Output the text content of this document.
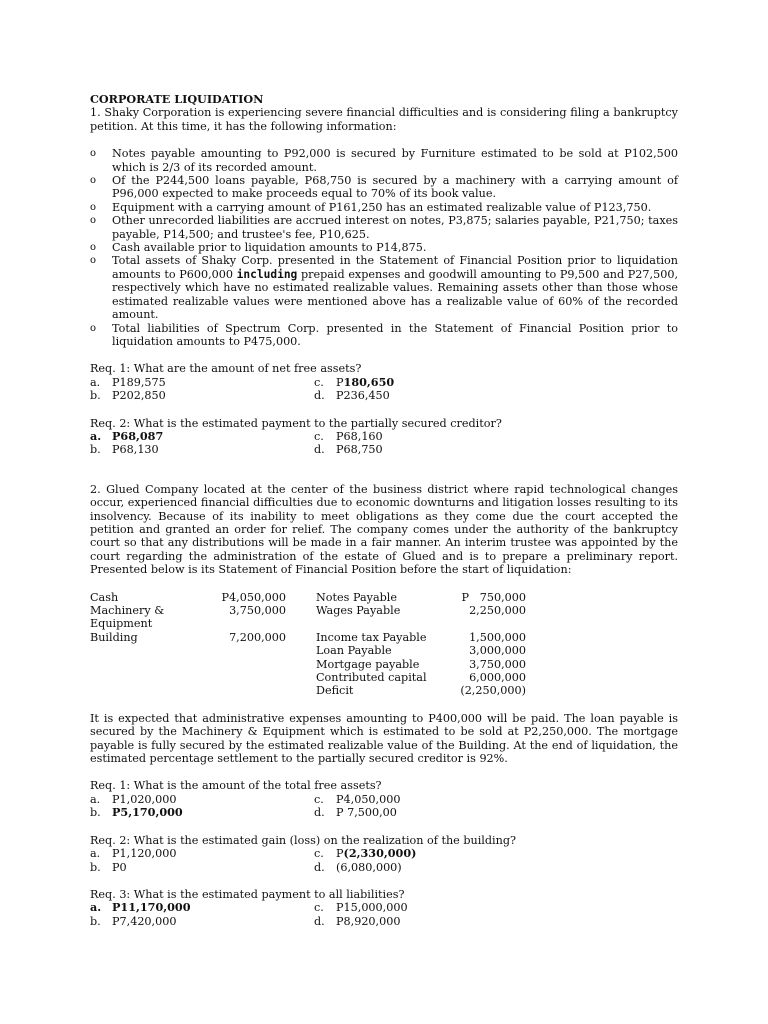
CORPORATE LIQUIDATION

1. Shaky Corporation is experiencing severe financial difficulties and is considering filing a bankruptcy petition. At this time, it has the following information:

o Notes payable amounting to P92,000 is secured by Furniture estimated to be sold at P102,500 which is 2/3 of its recorded amount.
o Of the P244,500 loans payable, P68,750 is secured by a machinery with a carrying amount of P96,000 expected to make proceeds equal to 70% of its book value.
o Equipment with a carrying amount of P161,250 has an estimated realizable value of P123,750.
o Other unrecorded liabilities are accrued interest on notes, P3,875; salaries payable, P21,750; taxes payable, P14,500; and trustee's fee, P10,625.
o Cash available prior to liquidation amounts to P14,875.
o Total assets of Shaky Corp. presented in the Statement of Financial Position prior to liquidation amounts to P600,000 including prepaid expenses and goodwill amounting to P9,500 and P27,500, respectively which have no estimated realizable values. Remaining assets other than those whose estimated realizable values were mentioned above has a realizable value of 60% of the recorded amount.
o Total liabilities of Spectrum Corp. presented in the Statement of Financial Position prior to liquidation amounts to P475,000.
Req. 1: What are the amount of net free assets?
a.	P189,575	c.	P 180,650
b.	P202,850	d.	P236,450
Req. 2: What is the estimated payment to the partially secured creditor?
a. P68,087	c.	P68,160
b.	P68,130	d.	P68,750

2. Glued Company located at the center of the business district where rapid technological changes occur, experienced financial difficulties due to economic downturns and litigation losses resulting to its insolvency. Because of its inability to meet obligations as they come due the court accepted the petition and granted an order for relief. The company comes under the authority of the bankruptcy court so that any distributions will be made in a fair manner. An interim trustee was appointed by the court regarding the administration of the estate of Glued and is to prepare a preliminary report. Presented below is its Statement of Financial Position before the start of liquidation:

Cash	P4,050,000	Notes Payable	P   750,000
Machinery & Equipment
3,750,000	Wages Payable	2,250,000
Building	7,200,000	Income tax Payable	1,500,000
Loan Payable	3,000,000
Mortgage payable	3,750,000
Contributed capital	6,000,000
Deficit	(2,250,000)

It is expected that administrative expenses amounting to P400,000 will be paid. The loan payable is secured by the Machinery & Equipment which is estimated to be sold at P2,250,000. The mortgage payable is fully secured by the estimated realizable value of the Building. At the end of liquidation, the estimated percentage settlement to the partially secured creditor is 92%.

Req. 1: What is the amount of the total free assets?
a.	P1,020,000	c.	P4,050,000
b.	P5,170,000	d.	P 7,500,00
Req. 2: What is the estimated gain (loss) on the realization of the building?
a.	P1,120,000	c.	P (2,330,000)
b.	P0	d.	(6,080,000)
Req. 3: What is the estimated payment to all liabilities?
a. P11,170,000	c.	P15,000,000
b.	P7,420,000	d.	P8,920,000
